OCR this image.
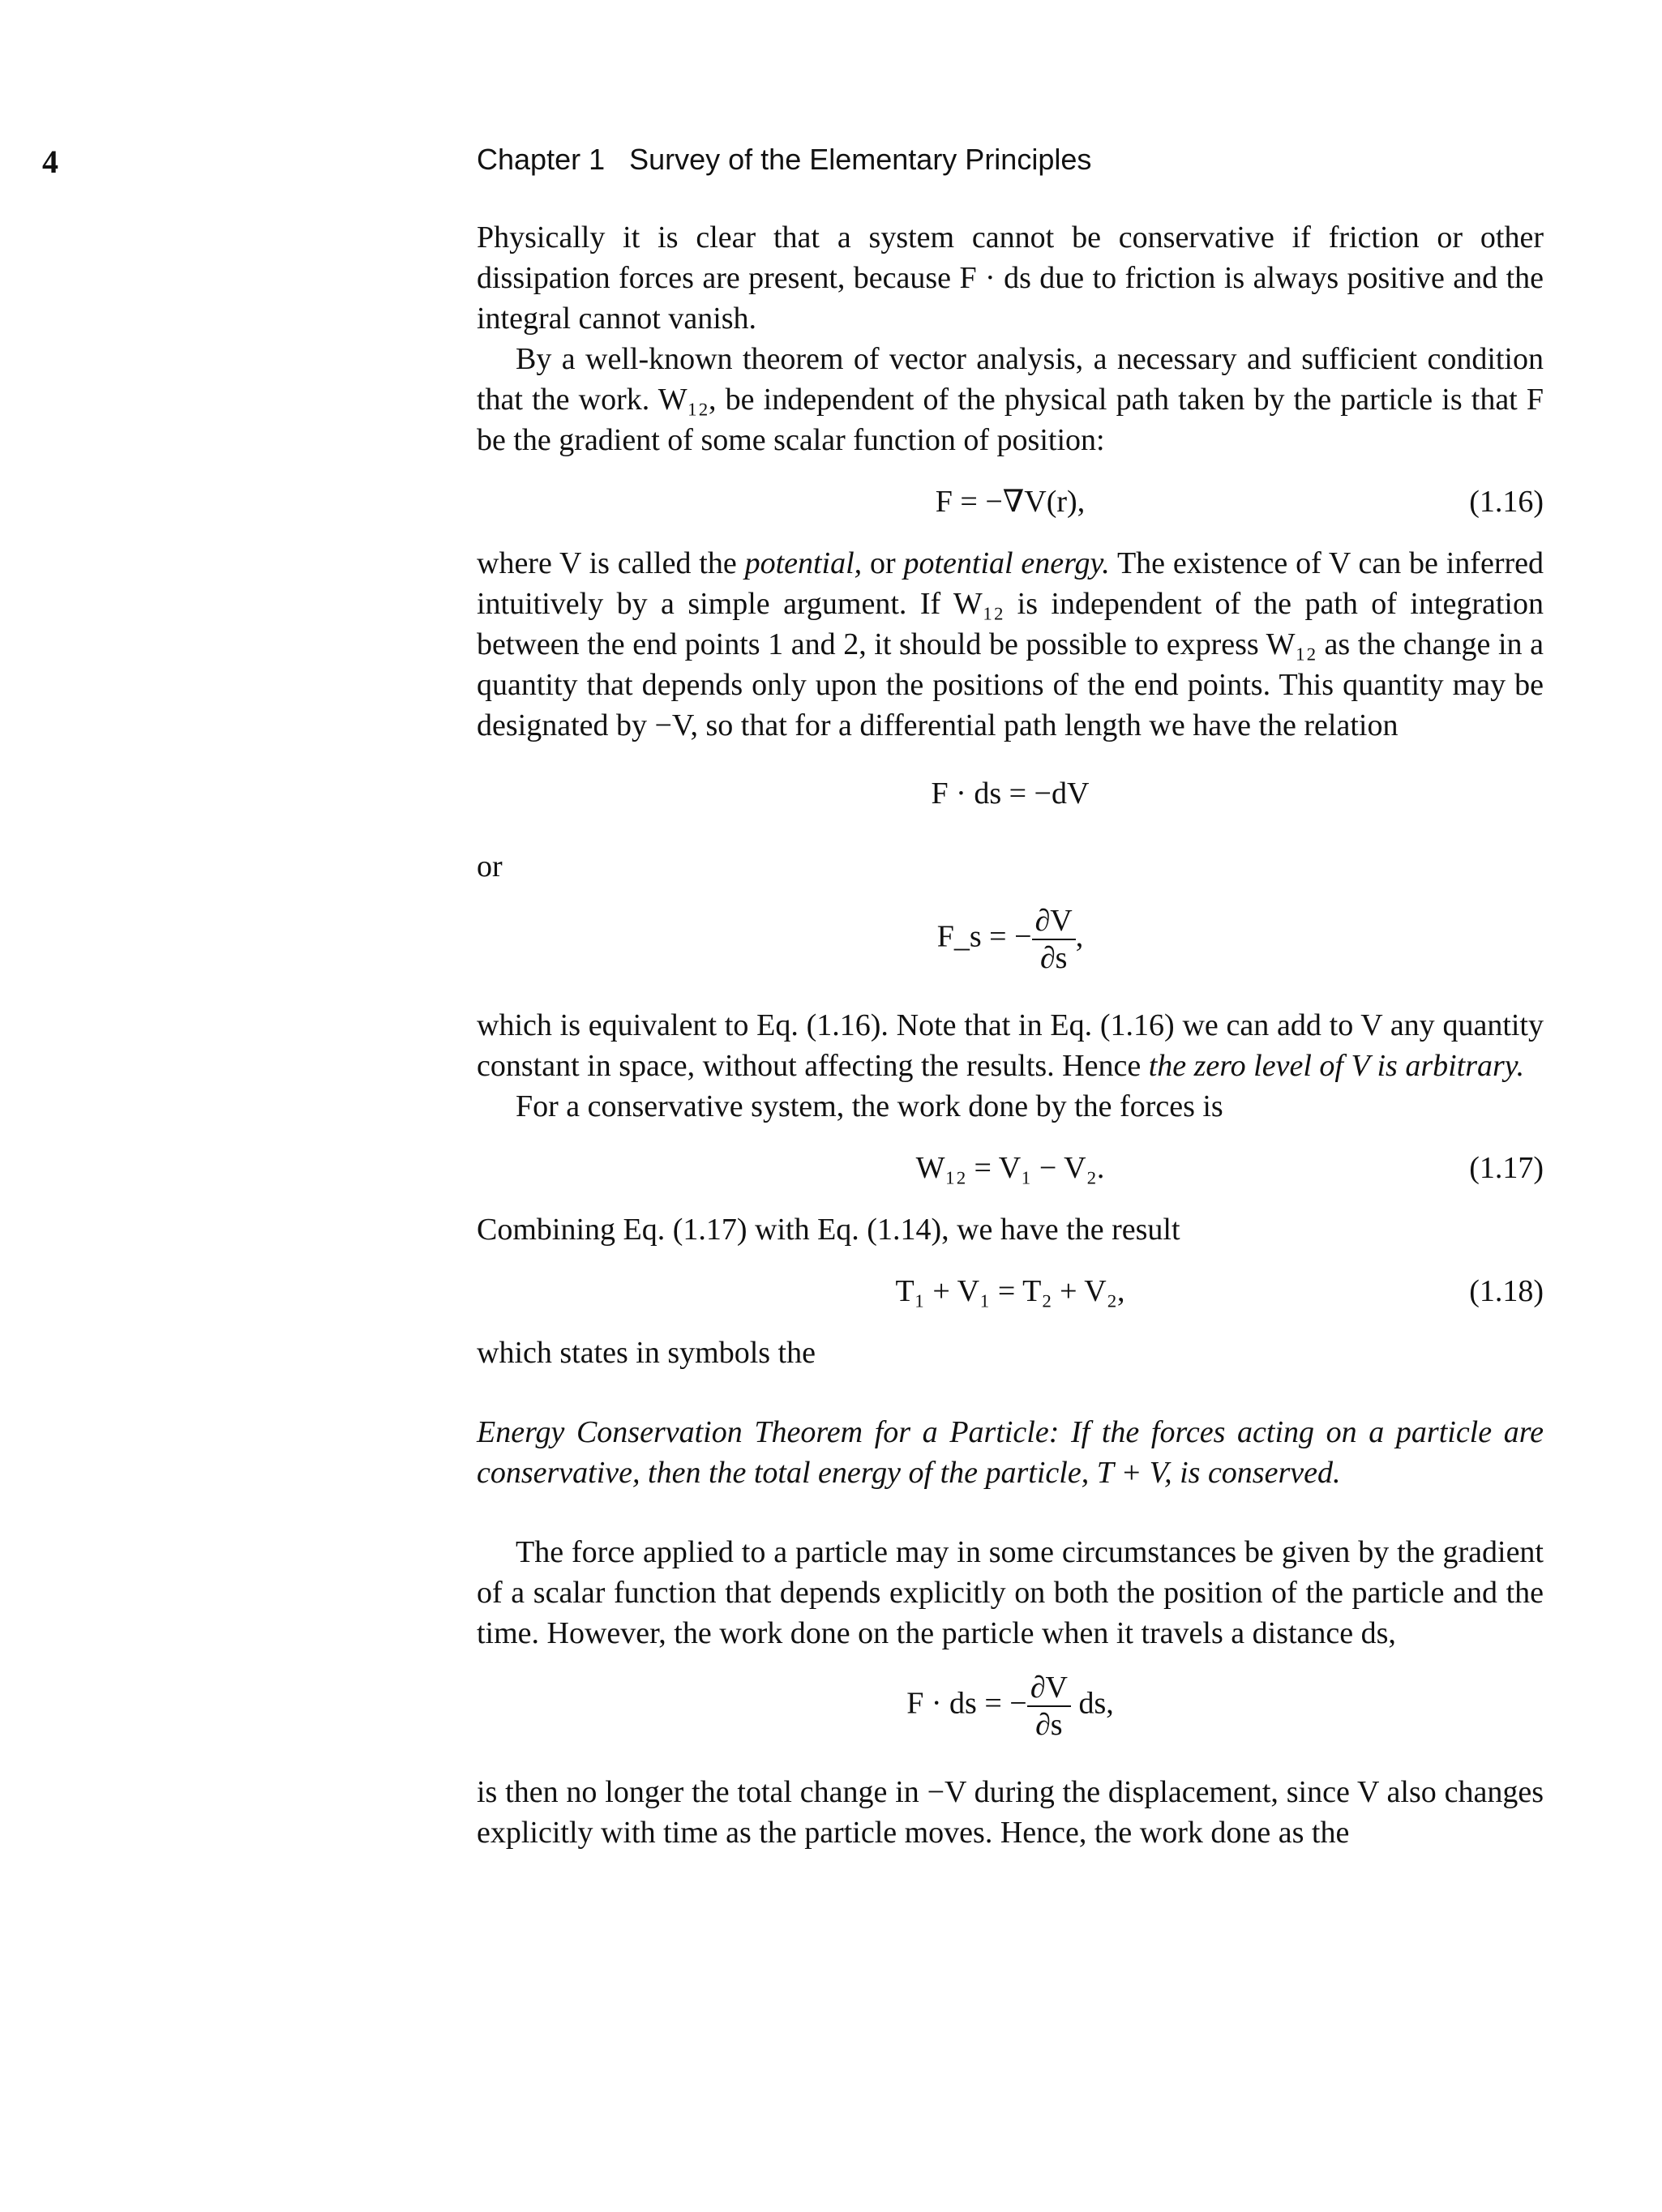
4	Chapter 1 Survey of the Elementary Principles

Physically it is clear that a system cannot be conservative if friction or other dissipation forces are present, because F · ds due to friction is always positive and the integral cannot vanish.

By a well-known theorem of vector analysis, a necessary and sufficient condition that the work. W₁₂, be independent of the physical path taken by the particle is that F be the gradient of some scalar function of position:

F = −∇V(r),	(1.16)

where V is called the potential, or potential energy. The existence of V can be inferred intuitively by a simple argument. If W₁₂ is independent of the path of integration between the end points 1 and 2, it should be possible to express W₁₂ as the change in a quantity that depends only upon the positions of the end points. This quantity may be designated by −V, so that for a differential path length we have the relation

F · ds = −dV

or

F_s = − $\frac{\partial V}{\partial s}$ ,

which is equivalent to Eq. (1.16). Note that in Eq. (1.16) we can add to V any quantity constant in space, without affecting the results. Hence the zero level of V is arbitrary.

For a conservative system, the work done by the forces is

W₁₂ = V₁ − V₂.	(1.17)

Combining Eq. (1.17) with Eq. (1.14), we have the result

T₁ + V₁ = T₂ + V₂,	(1.18)

which states in symbols the

Energy Conservation Theorem for a Particle: If the forces acting on a particle are conservative, then the total energy of the particle, T + V, is conserved.

The force applied to a particle may in some circumstances be given by the gradient of a scalar function that depends explicitly on both the position of the particle and the time. However, the work done on the particle when it travels a distance ds,

F · ds = − $\frac{\partial V}{\partial s}$ ds,

is then no longer the total change in −V during the displacement, since V also changes explicitly with time as the particle moves. Hence, the work done as the
